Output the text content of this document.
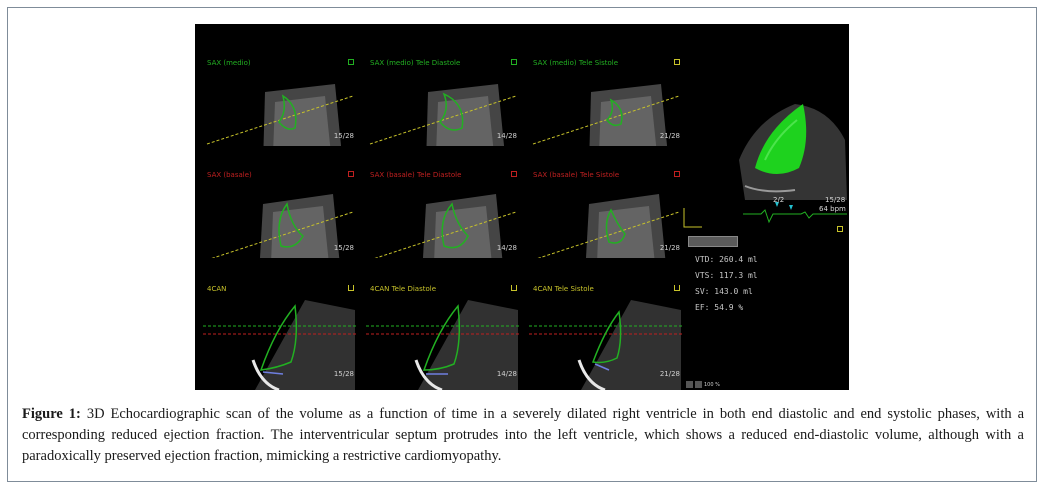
SAX (medio)
15/28
SAX (medio) Tele Diastole
14/28
SAX (medio) Tele Sistole
21/28
SAX (basale)
15/28
SAX (basale) Tele Diastole
14/28
SAX (basale) Tele Sistole
21/28
4CAN
15/28
4CAN Tele Diastole
14/28
4CAN Tele Sistole
21/28
2/2	15/28
64 bpm
VTD: 260.4 ml
VTS: 117.3 ml
SV: 143.0 ml
EF: 54.9 %
100 %
Figure 1: 3D Echocardiographic scan of the volume as a function of time in a severely dilated right ventricle in both end diastolic and end systolic phases, with a corresponding reduced ejection fraction. The interventricular septum protrudes into the left ventricle, which shows a reduced end-diastolic volume, although with a paradoxically preserved ejection fraction, mimicking a restrictive cardiomyopathy.
